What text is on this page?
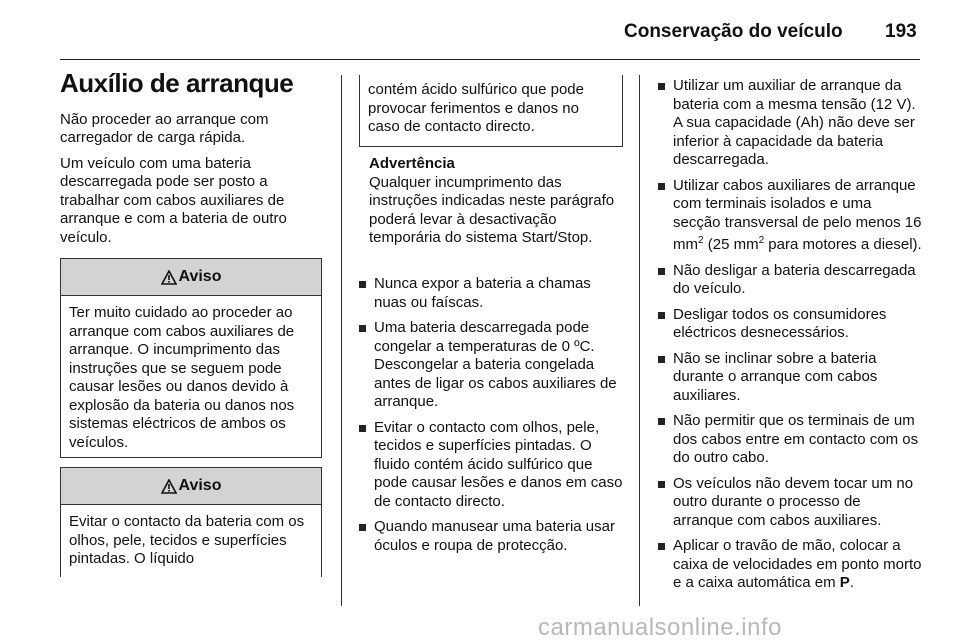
Conservação do veículo 193
Auxílio de arranque

Não proceder ao arranque com carregador de carga rápida.

Um veículo com uma bateria descarregada pode ser posto a trabalhar com cabos auxiliares de arranque e com a bateria de outro veículo.

Aviso
Ter muito cuidado ao proceder ao arranque com cabos auxiliares de arranque. O incumprimento das instruções que se seguem pode causar lesões ou danos devido à explosão da bateria ou danos nos sistemas eléctricos de ambos os veículos.
Aviso
Evitar o contacto da bateria com os olhos, pele, tecidos e superfícies pintadas. O líquido
contém ácido sulfúrico que pode provocar ferimentos e danos no caso de contacto directo.
Advertência

Qualquer incumprimento das instruções indicadas neste parágrafo poderá levar à desactivação temporária do sistema Start/Stop.

Nunca expor a bateria a chamas nuas ou faíscas.
Uma bateria descarregada pode congelar a temperaturas de 0 ºC. Descongelar a bateria congelada antes de ligar os cabos auxiliares de arranque.
Evitar o contacto com olhos, pele, tecidos e superfícies pintadas. O fluido contém ácido sulfúrico que pode causar lesões e danos em caso de contacto directo.
Quando manusear uma bateria usar óculos e roupa de protecção.
Utilizar um auxiliar de arranque da bateria com a mesma tensão (12 V). A sua capacidade (Ah) não deve ser inferior à capacidade da bateria descarregada.
Utilizar cabos auxiliares de arranque com terminais isolados e uma secção transversal de pelo menos 16 $mm^2$ (25 $mm^2$ para motores a diesel).
Não desligar a bateria descarregada do veículo.
Desligar todos os consumidores eléctricos desnecessários.
Não se inclinar sobre a bateria durante o arranque com cabos auxiliares.
Não permitir que os terminais de um dos cabos entre em contacto com os do outro cabo.
Os veículos não devem tocar um no outro durante o processo de arranque com cabos auxiliares.
Aplicar o travão de mão, colocar a caixa de velocidades em ponto morto e a caixa automática em P.
carmanualsonline.info
